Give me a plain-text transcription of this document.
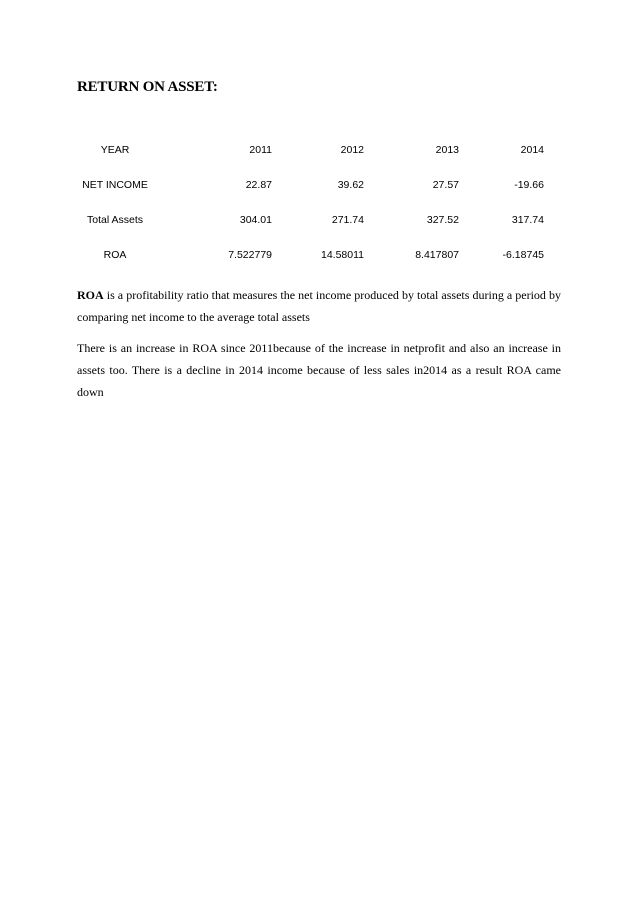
RETURN ON ASSET:
YEAR	2011	2012	2013	2014
NET INCOME	22.87	39.62	27.57	-19.66
Total Assets	304.01	271.74	327.52	317.74
ROA	7.522779	14.58011	8.417807	-6.18745

ROA is a profitability ratio that measures the net income produced by total assets during a period by comparing net income to the average total assets

There is an increase in ROA since 2011because of the increase in netprofit and also an increase in assets too. There is a decline in 2014 income because of less sales in2014 as a result ROA came down
